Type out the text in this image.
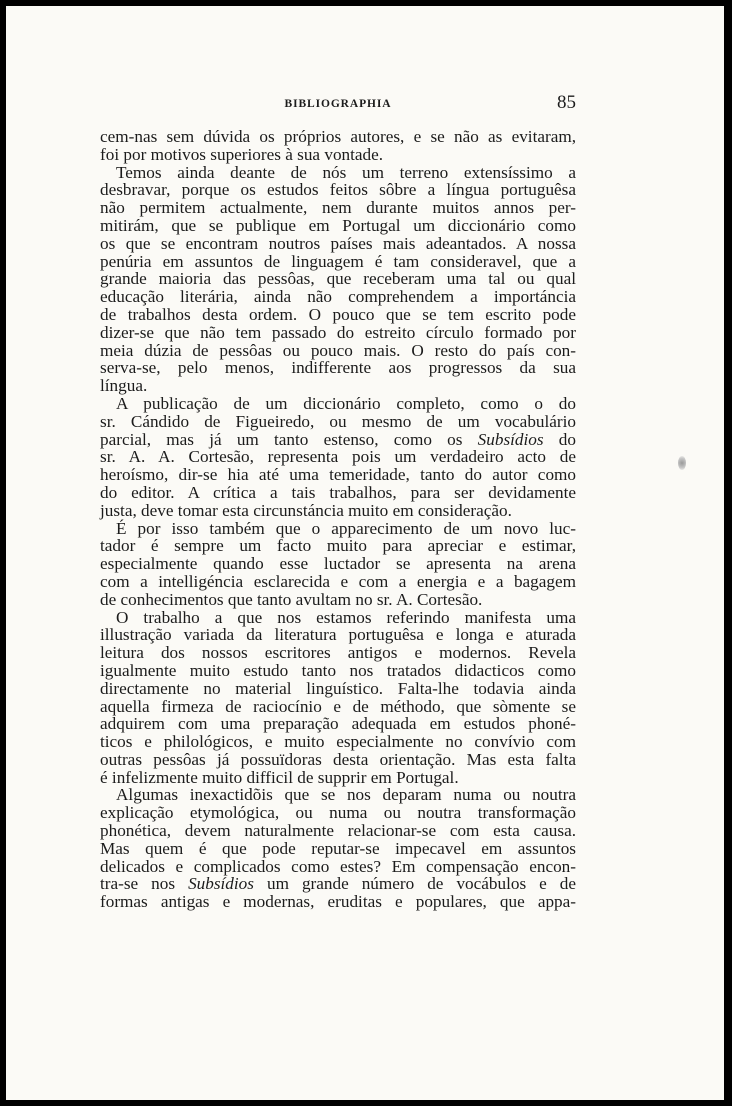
BIBLIOGRAPHIA	85
cem-nas sem dúvida os próprios autores, e se não as evitaram,
foi por motivos superiores à sua vontade.
Temos ainda deante de nós um terreno extensíssimo a
desbravar, porque os estudos feitos sôbre a língua portuguêsa
não permitem actualmente, nem durante muitos annos per-
mitirám, que se publique em Portugal um diccionário como
os que se encontram noutros países mais adeantados. A nossa
penúria em assuntos de linguagem é tam consideravel, que a
grande maioria das pessôas, que receberam uma tal ou qual
educação literária, ainda não comprehendem a importáncia
de trabalhos desta ordem. O pouco que se tem escrito pode
dizer-se que não tem passado do estreito círculo formado por
meia dúzia de pessôas ou pouco mais. O resto do país con-
serva-se, pelo menos, indifferente aos progressos da sua
língua.
A publicação de um diccionário completo, como o do
sr. Cándido de Figueiredo, ou mesmo de um vocabulário
parcial, mas já um tanto estenso, como os Subsídios do
sr. A. A. Cortesão, representa pois um verdadeiro acto de
heroísmo, dir-se hia até uma temeridade, tanto do autor como
do editor. A crítica a tais trabalhos, para ser devidamente
justa, deve tomar esta circunstáncia muito em consideração.
É por isso também que o apparecimento de um novo luc-
tador é sempre um facto muito para apreciar e estimar,
especialmente quando esse luctador se apresenta na arena
com a intelligéncia esclarecida e com a energia e a bagagem
de conhecimentos que tanto avultam no sr. A. Cortesão.
O trabalho a que nos estamos referindo manifesta uma
illustração variada da literatura portuguêsa e longa e aturada
leitura dos nossos escritores antigos e modernos. Revela
igualmente muito estudo tanto nos tratados didacticos como
directamente no material linguístico. Falta-lhe todavia ainda
aquella firmeza de raciocínio e de méthodo, que sòmente se
adquirem com uma preparação adequada em estudos phoné-
ticos e philológicos, e muito especialmente no convívio com
outras pessôas já possuïdoras desta orientação. Mas esta falta
é infelizmente muito difficil de supprir em Portugal.
Algumas inexactidõis que se nos deparam numa ou noutra
explicação etymológica, ou numa ou noutra transformação
phonética, devem naturalmente relacionar-se com esta causa.
Mas quem é que pode reputar-se impecavel em assuntos
delicados e complicados como estes? Em compensação encon-
tra-se nos Subsídios um grande número de vocábulos e de
formas antigas e modernas, eruditas e populares, que appa-
